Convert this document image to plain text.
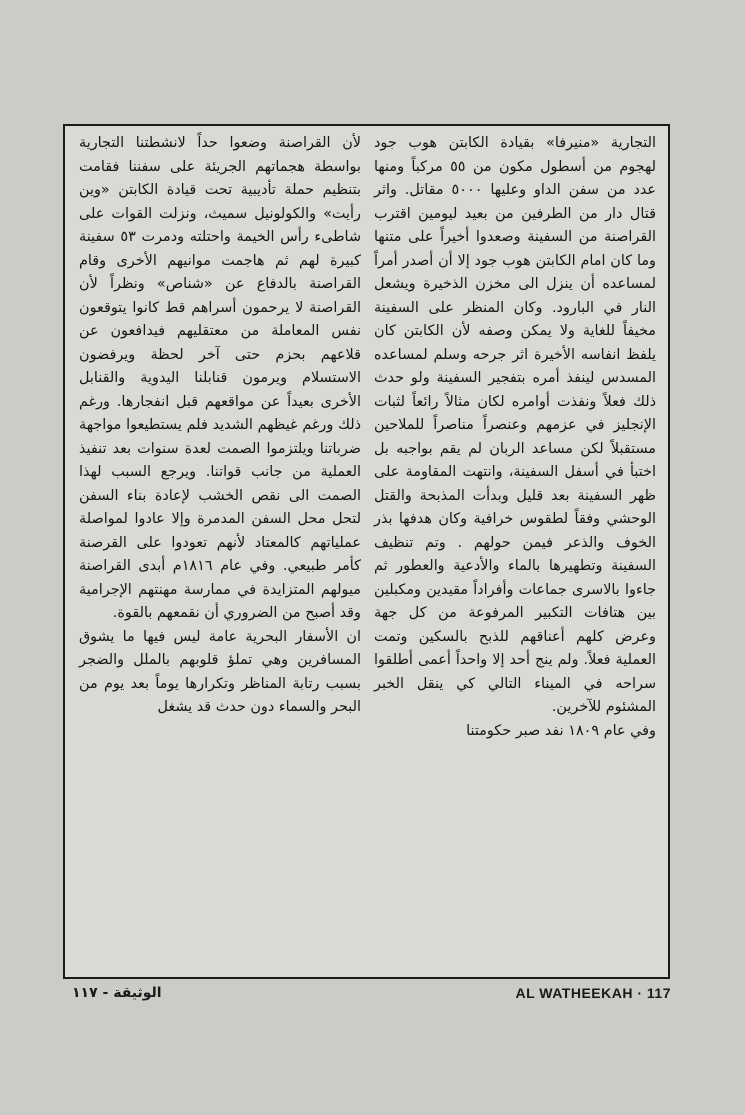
التجارية «منيرفا» بقيادة الكابتن هوب جود لهجوم من أسطول مكون من ٥٥ مركباً ومنها عدد من سفن الداو وعليها ٥٠٠٠ مقاتل. واثر قتال دار من الطرفين من بعيد ليومين اقترب القراصنة من السفينة وصعدوا أخيراً على متنها وما كان امام الكابتن هوب جود إلا أن أصدر أمراً لمساعده أن ينزل الى مخزن الذخيرة ويشعل النار في البارود. وكان المنظر على السفينة مخيفاً للغاية ولا يمكن وصفه لأن الكابتن كان يلفظ انفاسه الأخيرة اثر جرحه وسلم لمساعده المسدس لينفذ أمره بتفجير السفينة ولو حدث ذلك فعلاً ونفذت أوامره لكان مثالاً رائعاً لثبات الإنجليز في عزمهم وعنصراً مناصراً للملاحين مستقبلاً لكن مساعد الربان لم يقم بواجبه بل اختبأ في أسفل السفينة، وانتهت المقاومة على ظهر السفينة بعد قليل وبدأت المذبحة والقتل الوحشي وفقاً لطقوس خرافية وكان هدفها بذر الخوف والذعر فيمن حولهم . وتم تنظيف السفينة وتطهيرها بالماء والأدعية والعطور ثم جاءوا بالاسرى جماعات وأفراداً مقيدين ومكبلين بين هتافات التكبير المرفوعة من كل جهة وعرض كلهم أعناقهم للذبح بالسكين وتمت العملية فعلاً. ولم ينج أحد إلا واحداً أعمى أطلقوا سراحه في الميناء التالي كي ينقل الخبر المشئوم للآخرين.

وفي عام ١٨٠٩ نفد صبر حكومتنا

لأن القراصنة وضعوا حداً لانشطتنا التجارية بواسطة هجماتهم الجريئة على سفننا فقامت بتنظيم حملة تأديبية تحت قيادة الكابتن «وين رأيت» والكولونيل سميث، ونزلت القوات على شاطىء رأس الخيمة واحتلته ودمرت ٥٣ سفينة كبيرة لهم ثم هاجمت موانيهم الأخرى وقام القراصنة بالدفاع عن «شناص» ونظراً لأن القراصنة لا يرحمون أسراهم قط كانوا يتوقعون نفس المعاملة من معتقليهم فيدافعون عن قلاعهم بحزم حتى آخر لحظة ويرفضون الاستسلام ويرمون قنابلنا اليدوية والقنابل الأخرى بعيداً عن مواقعهم قبل انفجارها. ورغم ذلك ورغم غيظهم الشديد فلم يستطيعوا مواجهة ضرباتنا ويلتزموا الصمت لعدة سنوات بعد تنفيذ العملية من جانب قواتنا. ويرجع السبب لهذا الصمت الى نقص الخشب لإعادة بناء السفن لتحل محل السفن المدمرة وإلا عادوا لمواصلة عملياتهم كالمعتاد لأنهم تعودوا على القرصنة كأمر طبيعي. وفي عام ١٨١٦م أبدى القراصنة ميولهم المتزايدة في ممارسة مهنتهم الإجرامية وقد أصبح من الضروري أن نقمعهم بالقوة.

ان الأسفار البحرية عامة ليس فيها ما يشوق المسافرين وهي تملؤ قلوبهم بالملل والضجر بسبب رتابة المناظر وتكرارها يوماً بعد يوم من البحر والسماء دون حدث قد يشغل

الوثيقة - ١١٧	AL WATHEEKAH · 117
